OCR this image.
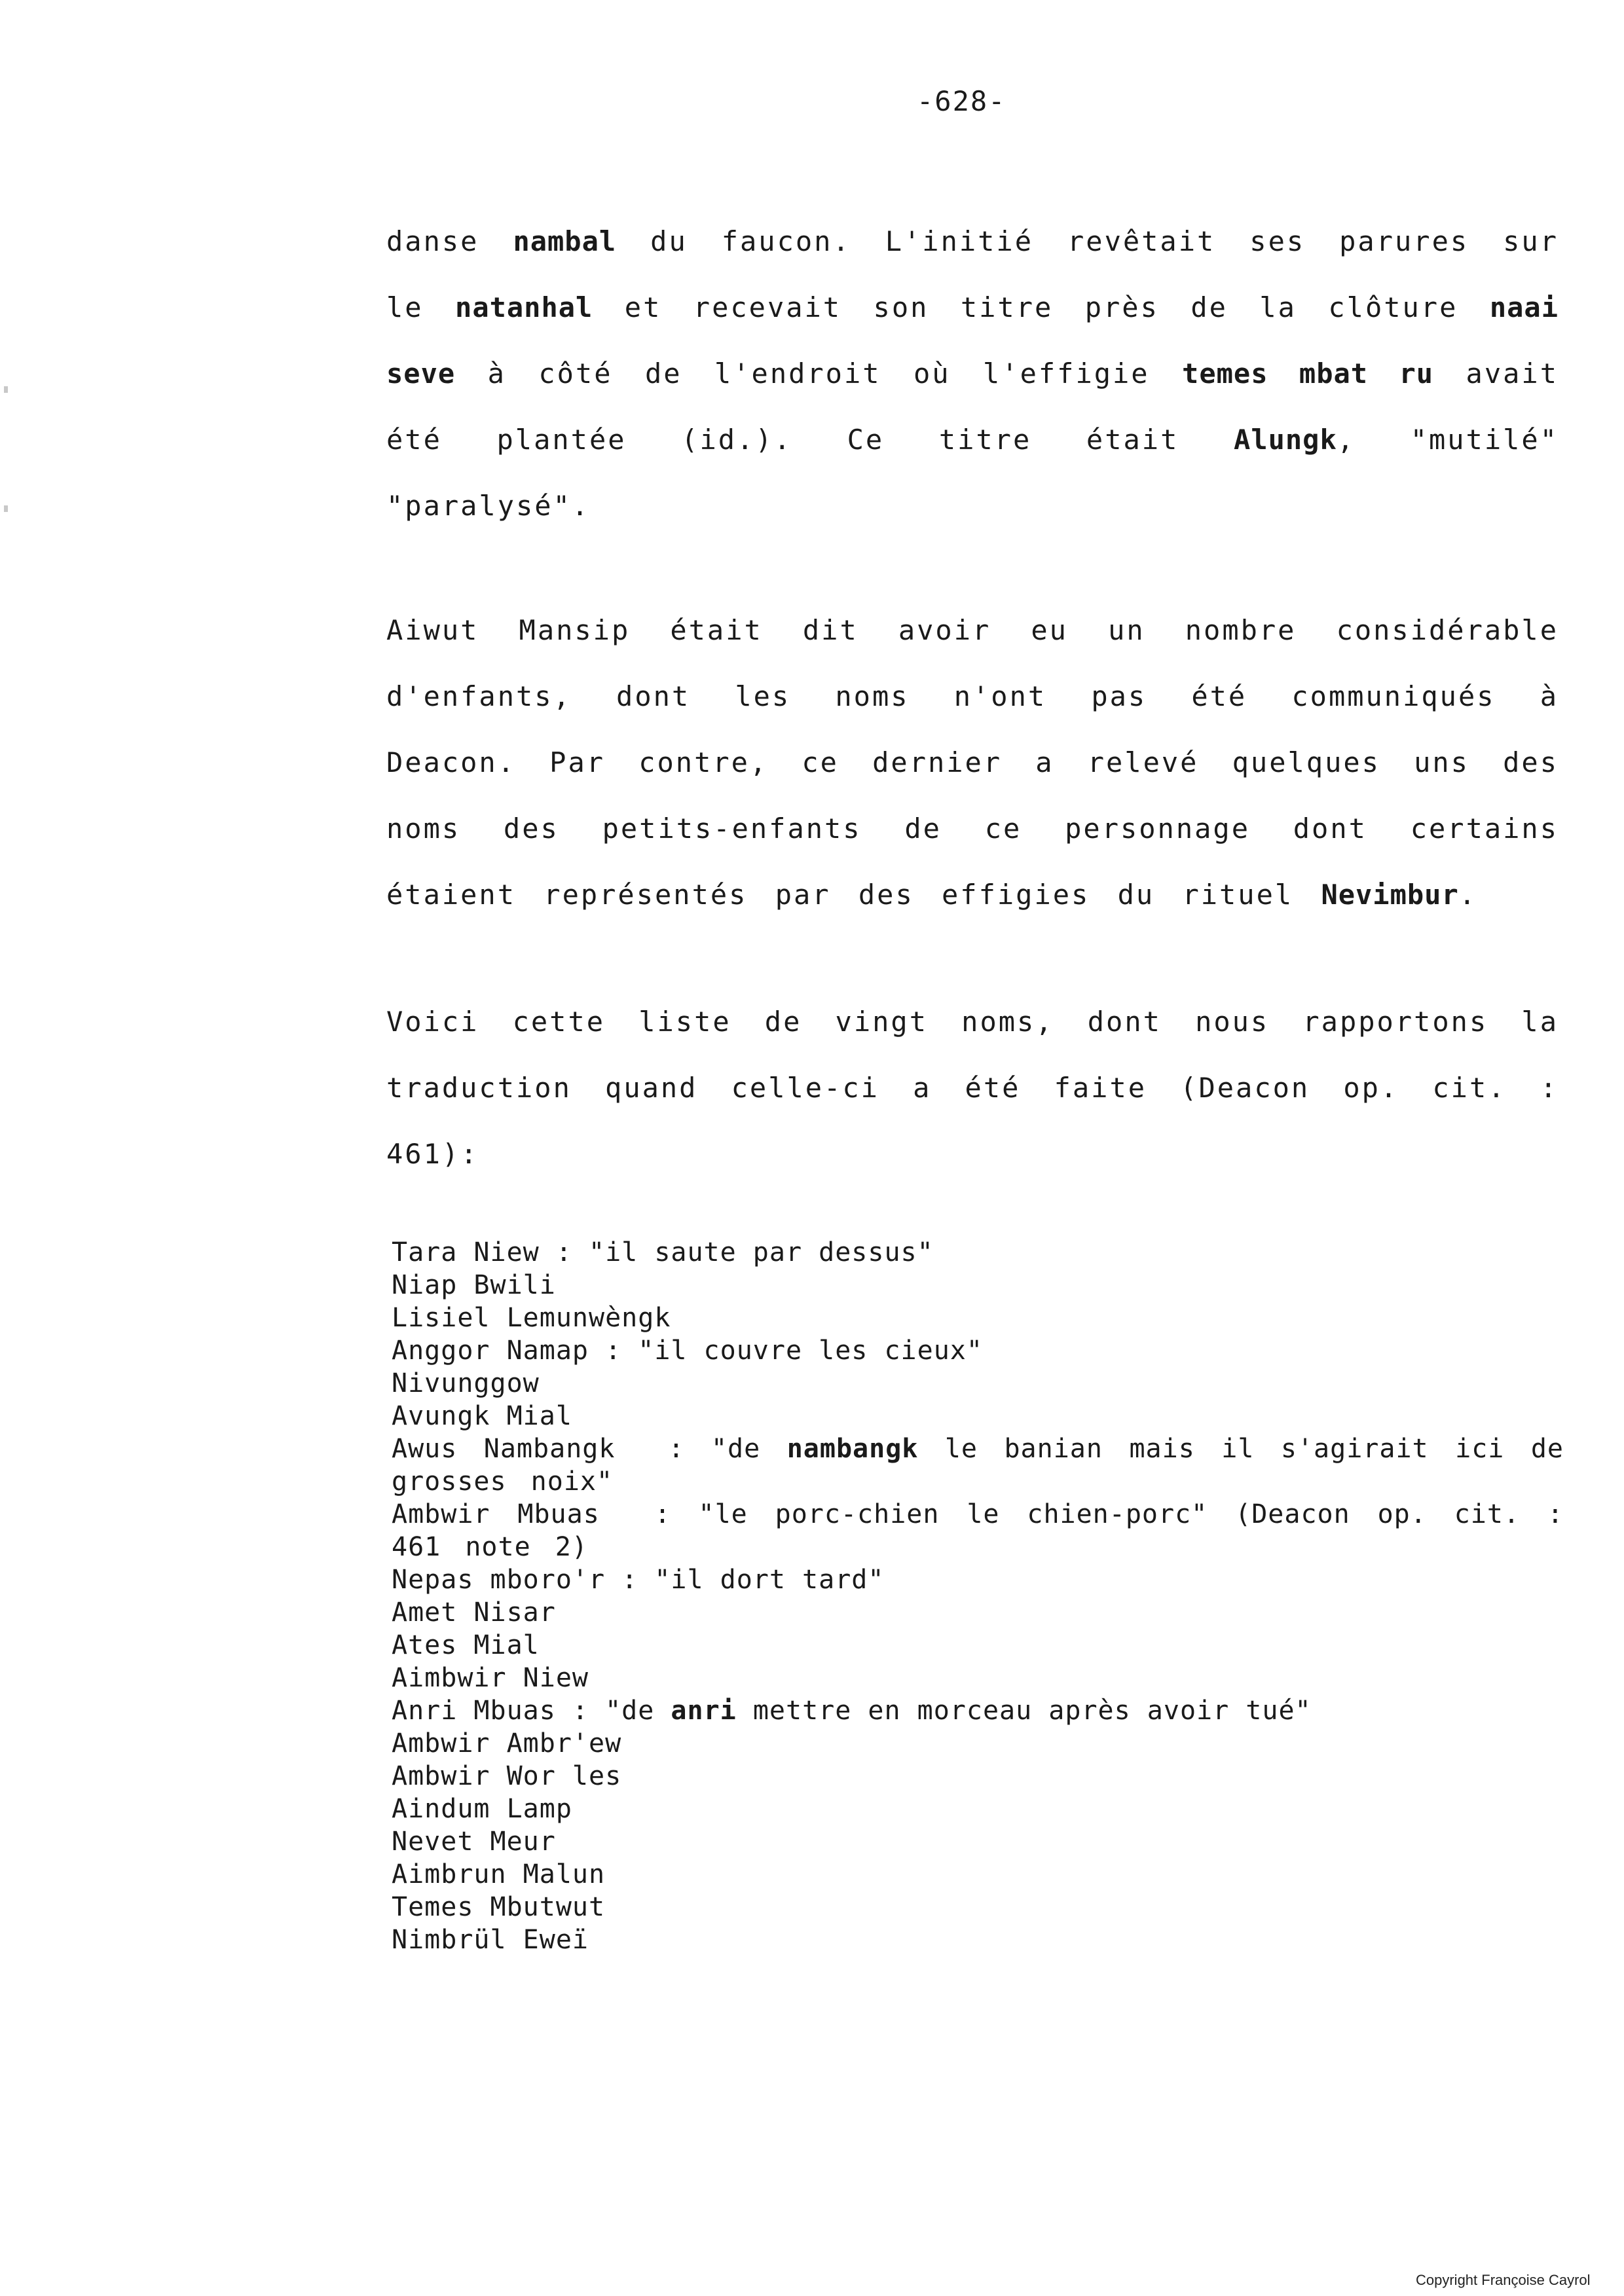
-628-

danse nambal du faucon. L'initié revêtait ses parures sur le natanhal et recevait son titre près de la clôture naai seve à côté de l'endroit où l'effigie temes mbat ru avait été plantée (id.). Ce titre était Alungk, "mutilé" "paralysé".

Aiwut Mansip était dit avoir eu un nombre considérable d'enfants, dont les noms n'ont pas été communiqués à Deacon. Par contre, ce dernier a relevé quelques uns des noms des petits-enfants de ce personnage dont certains étaient représentés par des effigies du rituel Nevimbur.

Voici cette liste de vingt noms, dont nous rapportons la traduction quand celle-ci a été faite (Deacon op. cit. : 461):

Tara Niew : "il saute par dessus"
Niap Bwili
Lisiel Lemunwèngk
Anggor Namap : "il couvre les cieux"
Nivunggow
Avungk Mial
Awus Nambangk  : "de nambangk le banian mais il s'agirait ici de grosses noix"
Ambwir Mbuas  : "le porc-chien le chien-porc" (Deacon op. cit. : 461 note 2)
Nepas mboro'r : "il dort tard"
Amet Nisar
Ates Mial
Aimbwir Niew
Anri Mbuas : "de anri mettre en morceau après avoir tué"
Ambwir Ambr'ew
Ambwir Wor les
Aindum Lamp
Nevet Meur
Aimbrun Malun
Temes Mbutwut
Nimbrül Eweï
Copyright Françoise Cayrol
